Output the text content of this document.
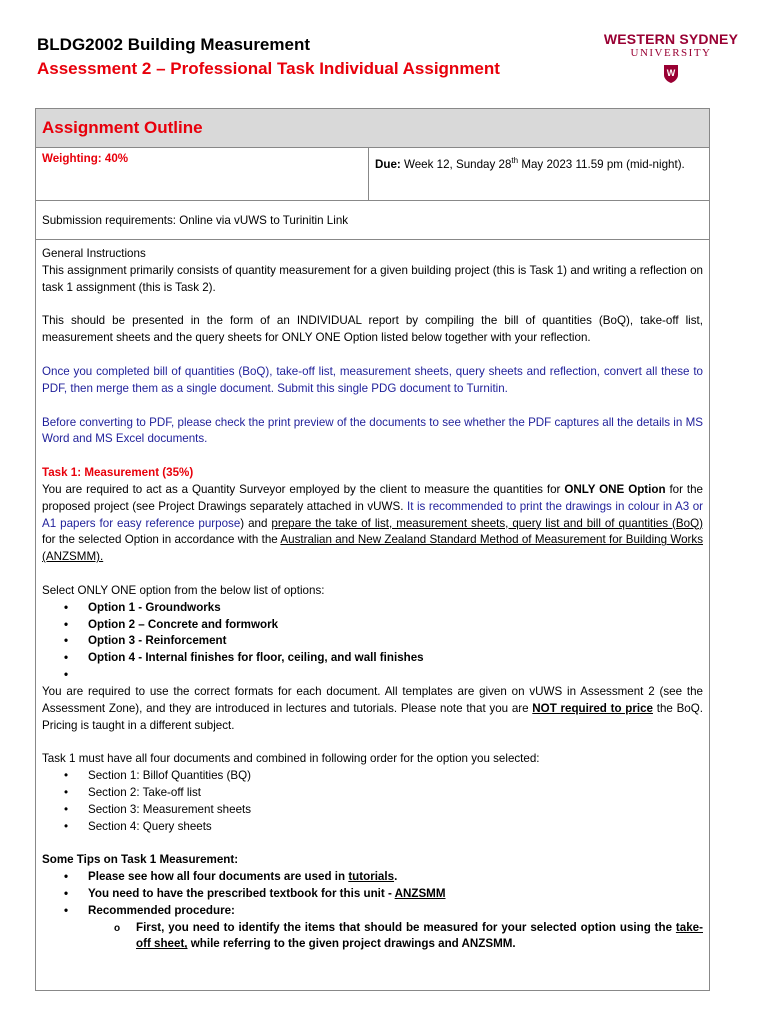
BLDG2002 Building Measurement
Assessment 2 – Professional Task Individual Assignment
WESTERN SYDNEY
UNIVERSITY
W
Assignment Outline
Weighting: 40%	Due: Week 12, Sunday 28th May 2023 11.59 pm (mid-night).
Submission requirements: Online via vUWS to Turinitin Link

General Instructions

This assignment primarily consists of quantity measurement for a given building project (this is Task 1) and writing a reflection on task 1 assignment (this is Task 2).

This should be presented in the form of an INDIVIDUAL report by compiling the bill of quantities (BoQ), take-off list, measurement sheets and the query sheets for ONLY ONE Option listed below together with your reflection.

Once you completed bill of quantities (BoQ), take-off list, measurement sheets, query sheets and reflection, convert all these to PDF, then merge them as a single document. Submit this single PDG document to Turnitin.

Before converting to PDF, please check the print preview of the documents to see whether the PDF captures all the details in MS Word and MS Excel documents.

Task 1: Measurement (35%)

You are required to act as a Quantity Surveyor employed by the client to measure the quantities for ONLY ONE Option for the proposed project (see Project Drawings separately attached in vUWS. It is recommended to print the drawings in colour in A3 or A1 papers for easy reference purpose) and prepare the take of list, measurement sheets, query list and bill of quantities (BoQ) for the selected Option in accordance with the Australian and New Zealand Standard Method of Measurement for Building Works (ANZSMM).

Select ONLY ONE option from the below list of options:

• Option 1 - Groundworks
• Option 2 – Concrete and formwork
• Option 3 - Reinforcement
• Option 4 - Internal finishes for floor, ceiling, and wall finishes
•

You are required to use the correct formats for each document. All templates are given on vUWS in Assessment 2 (see the Assessment Zone), and they are introduced in lectures and tutorials. Please note that you are NOT required to price the BoQ. Pricing is taught in a different subject.

Task 1 must have all four documents and combined in following order for the option you selected:

• Section 1: Billof Quantities (BQ)
• Section 2: Take-off list
• Section 3: Measurement sheets
• Section 4: Query sheets

Some Tips on Task 1 Measurement:

• Please see how all four documents are used in tutorials.
• You need to have the prescribed textbook for this unit - ANZSMM
• Recommended procedure:
o First, you need to identify the items that should be measured for your selected option using the take-off sheet, while referring to the given project drawings and ANZSMM.
